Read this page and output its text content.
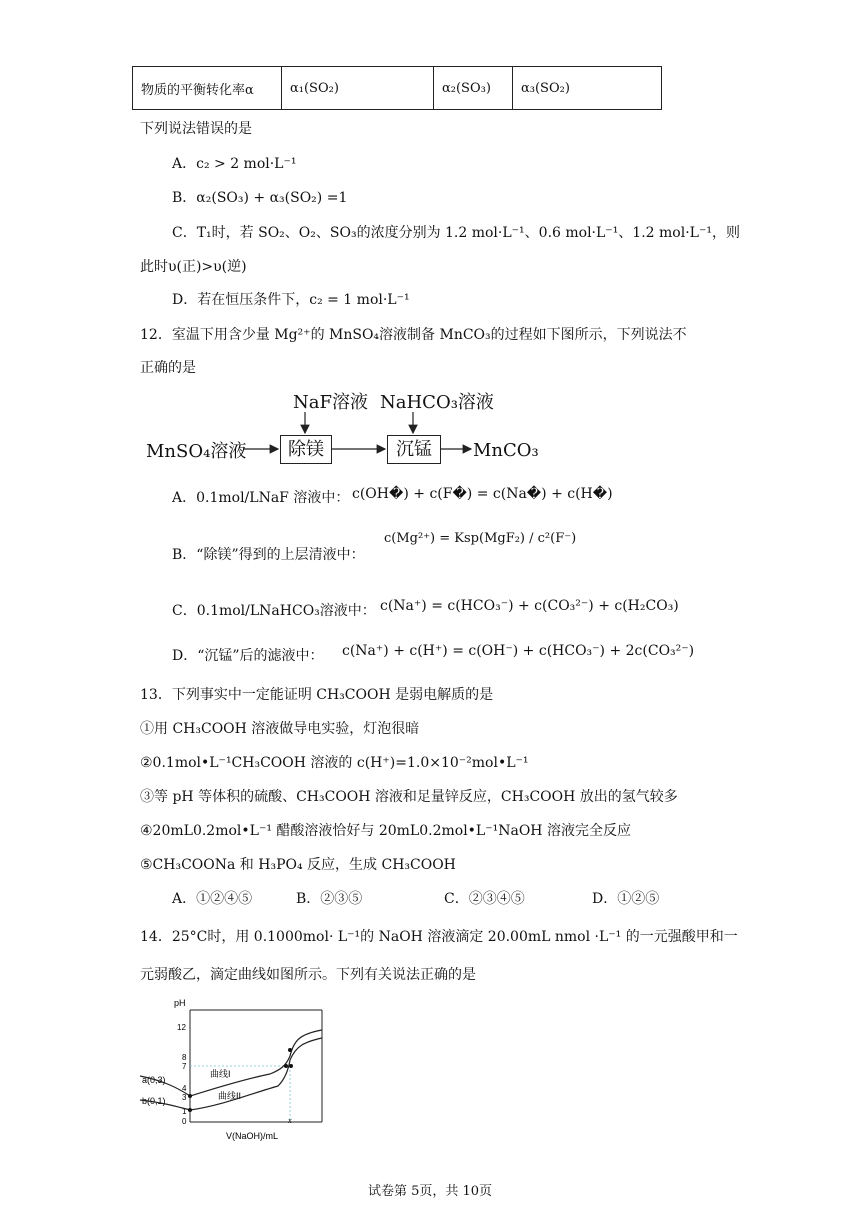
物质的平衡转化率α	α₁(SO₂)	α₂(SO₃)	α₃(SO₂)
下列说法错误的是
A．c₂ > 2 mol·L⁻¹
B．α₂(SO₃) + α₃(SO₂) =1
C．T₁时，若 SO₂、O₂、SO₃的浓度分别为 1.2 mol·L⁻¹、0.6 mol·L⁻¹、1.2 mol·L⁻¹，则
此时υ(正)>υ(逆)
D．若在恒压条件下，c₂ = 1 mol·L⁻¹
12．室温下用含少量 Mg²⁺的 MnSO₄溶液制备 MnCO₃的过程如下图所示，下列说法不
正确的是
NaF溶液 NaHCO₃溶液
MnSO₄溶液	除镁	沉锰	MnCO₃
A．0.1mol/LNaF 溶液中： c(OH�) + c(F�) = c(Na�) + c(H�)
B．“除镁”得到的上层清液中：
c(Mg²⁺) = Ksp(MgF₂) / c²(F⁻)
C．0.1mol/LNaHCO₃溶液中： c(Na⁺) = c(HCO₃⁻) + c(CO₃²⁻) + c(H₂CO₃)
D．“沉锰”后的滤液中： c(Na⁺) + c(H⁺) = c(OH⁻) + c(HCO₃⁻) + 2c(CO₃²⁻)
13．下列事实中一定能证明 CH₃COOH 是弱电解质的是
①用 CH₃COOH 溶液做导电实验，灯泡很暗
②0.1mol•L⁻¹CH₃COOH 溶液的 c(H⁺)=1.0×10⁻²mol•L⁻¹
③等 pH 等体积的硫酸、CH₃COOH 溶液和足量锌反应，CH₃COOH 放出的氢气较多
④20mL0.2mol•L⁻¹ 醋酸溶液恰好与 20mL0.2mol•L⁻¹NaOH 溶液完全反应
⑤CH₃COONa 和 H₃PO₄ 反应，生成 CH₃COOH
A．①②④⑤	B．②③⑤	C．②③④⑤	D．①②⑤
14．25°C时，用 0.1000mol· L⁻¹的 NaOH 溶液滴定 20.00mL nmol ·L⁻¹ 的一元强酸甲和一
元弱酸乙，滴定曲线如图所示。下列有关说法正确的是
pH
V(NaOH)/mL
12
8
7
4
3
1
0	x
a(0,3)
b(0,1)
曲线I
曲线II
试卷第 5页，共 10页
